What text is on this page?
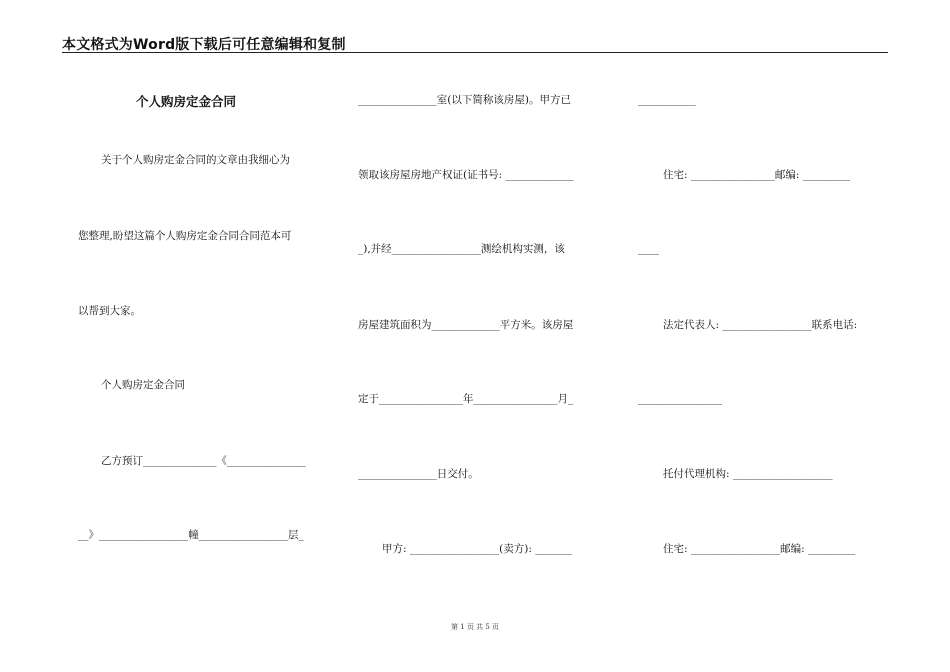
本文格式为Word版下载后可任意编辑和复制
个人购房定金合同
关于个人购房定金合同的文章由我细心为
您整理,盼望这篇个人购房定金合同合同范本可
以帮到大家。
个人购房定金合同
乙方预订______________《_______________
__》_________________幢_________________层_
_______________室(以下简称该房屋)。甲方已
领取该房屋房地产权证(证书号: _____________
_),并经_________________测绘机构实测，该
房屋建筑面积为_____________平方米。该房屋
定于________________年________________月_
_______________日交付。
甲方: _________________(卖方): _______
___________
住宅: ________________邮编: _________
____
法定代表人: _________________联系电话:
________________
托付代理机构: ___________________
住宅: _________________邮编: _________
第 1 页 共 5 页
